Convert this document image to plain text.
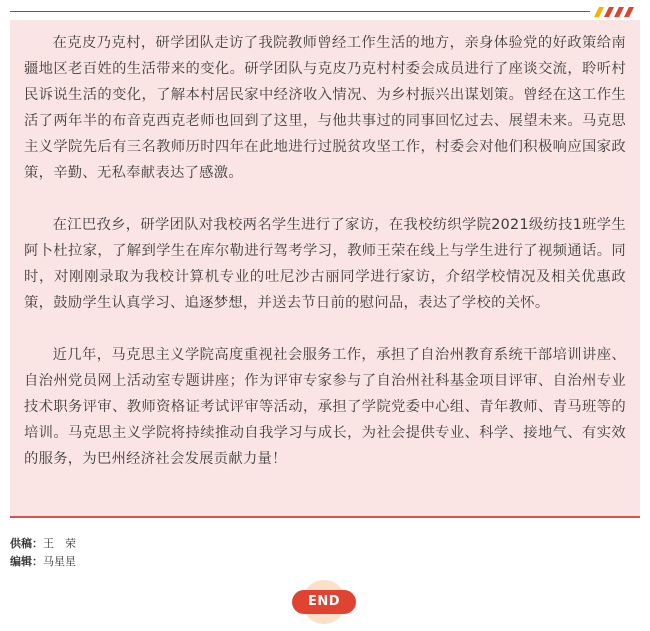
在克皮乃克村，研学团队走访了我院教师曾经工作生活的地方，亲身体验党的好政策给南疆地区老百姓的生活带来的变化。研学团队与克皮乃克村村委会成员进行了座谈交流，聆听村民诉说生活的变化，了解本村居民家中经济收入情况、为乡村振兴出谋划策。曾经在这工作生活了两年半的布音克西克老师也回到了这里，与他共事过的同事回忆过去、展望未来。马克思主义学院先后有三名教师历时四年在此地进行过脱贫攻坚工作，村委会对他们积极响应国家政策，辛勤、无私奉献表达了感激。

在江巴孜乡，研学团队对我校两名学生进行了家访，在我校纺织学院2021级纺技1班学生阿卜杜拉家，了解到学生在库尔勒进行驾考学习，教师王荣在线上与学生进行了视频通话。同时，对刚刚录取为我校计算机专业的吐尼沙古丽同学进行家访，介绍学校情况及相关优惠政策，鼓励学生认真学习、追逐梦想，并送去节日前的慰问品，表达了学校的关怀。

近几年，马克思主义学院高度重视社会服务工作，承担了自治州教育系统干部培训讲座、自治州党员网上活动室专题讲座；作为评审专家参与了自治州社科基金项目评审、自治州专业技术职务评审、教师资格证考试评审等活动，承担了学院党委中心组、青年教师、青马班等的培训。马克思主义学院将持续推动自我学习与成长，为社会提供专业、科学、接地气、有实效的服务，为巴州经济社会发展贡献力量！

供稿：王　荣
编辑：马星星
END
